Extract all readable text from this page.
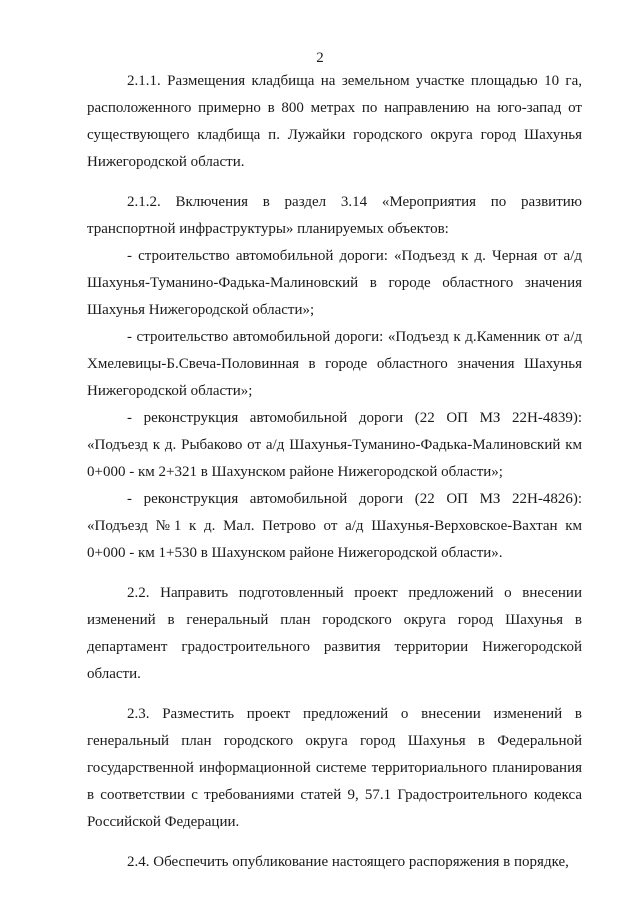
2

2.1.1. Размещения кладбища на земельном участке площадью 10 га, расположенного примерно в 800 метрах по направлению на юго-запад от существующего кладбища п. Лужайки городского округа город Шахунья Нижегородской области.

2.1.2. Включения в раздел 3.14 «Мероприятия по развитию транспортной инфраструктуры» планируемых объектов:

- строительство автомобильной дороги: «Подъезд к д. Черная от а/д Шахунья-Туманино-Фадька-Малиновский в городе областного значения Шахунья Нижегородской области»;

- строительство автомобильной дороги: «Подъезд к д.Каменник от а/д Хмелевицы-Б.Свеча-Половинная в городе областного значения Шахунья Нижегородской области»;

- реконструкция автомобильной дороги (22 ОП МЗ 22Н-4839): «Подъезд к д. Рыбаково от а/д Шахунья-Туманино-Фадька-Малиновский км 0+000 - км 2+321 в Шахунском районе Нижегородской области»;

- реконструкция автомобильной дороги (22 ОП МЗ 22Н-4826): «Подъезд №1 к д. Мал. Петрово от а/д Шахунья-Верховское-Вахтан км 0+000 - км 1+530 в Шахунском районе Нижегородской области».

2.2. Направить подготовленный проект предложений о внесении изменений в генеральный план городского округа город Шахунья в департамент градостроительного развития территории Нижегородской области.

2.3. Разместить проект предложений о внесении изменений в генеральный план городского округа город Шахунья в Федеральной государственной информационной системе территориального планирования в соответствии с требованиями статей 9, 57.1 Градостроительного кодекса Российской Федерации.

2.4. Обеспечить опубликование настоящего распоряжения в порядке,
